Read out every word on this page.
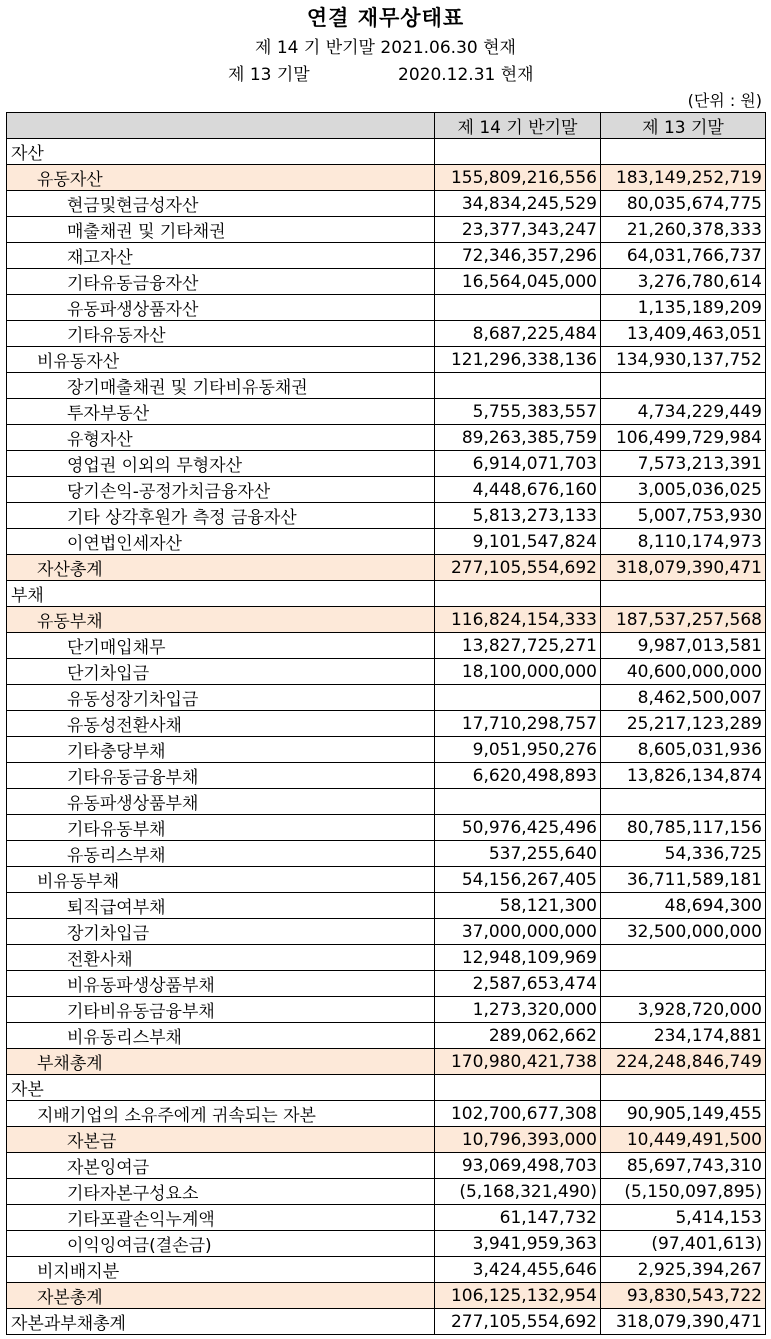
연결 재무상태표
제 14 기 반기말 2021.06.30 현재
제 13 기말	2020.12.31 현재
(단위 : 원)
	제 14 기 반기말	제 13 기말
자산		
유동자산	155,809,216,556	183,149,252,719
현금및현금성자산	34,834,245,529	80,035,674,775
매출채권 및 기타채권	23,377,343,247	21,260,378,333
재고자산	72,346,357,296	64,031,766,737
기타유동금융자산	16,564,045,000	3,276,780,614
유동파생상품자산		1,135,189,209
기타유동자산	8,687,225,484	13,409,463,051
비유동자산	121,296,338,136	134,930,137,752
장기매출채권 및 기타비유동채권		
투자부동산	5,755,383,557	4,734,229,449
유형자산	89,263,385,759	106,499,729,984
영업권 이외의 무형자산	6,914,071,703	7,573,213,391
당기손익-공정가치금융자산	4,448,676,160	3,005,036,025
기타 상각후원가 측정 금융자산	5,813,273,133	5,007,753,930
이연법인세자산	9,101,547,824	8,110,174,973
자산총계	277,105,554,692	318,079,390,471
부채		
유동부채	116,824,154,333	187,537,257,568
단기매입채무	13,827,725,271	9,987,013,581
단기차입금	18,100,000,000	40,600,000,000
유동성장기차입금		8,462,500,007
유동성전환사채	17,710,298,757	25,217,123,289
기타충당부채	9,051,950,276	8,605,031,936
기타유동금융부채	6,620,498,893	13,826,134,874
유동파생상품부채		
기타유동부채	50,976,425,496	80,785,117,156
유동리스부채	537,255,640	54,336,725
비유동부채	54,156,267,405	36,711,589,181
퇴직급여부채	58,121,300	48,694,300
장기차입금	37,000,000,000	32,500,000,000
전환사채	12,948,109,969	
비유동파생상품부채	2,587,653,474	
기타비유동금융부채	1,273,320,000	3,928,720,000
비유동리스부채	289,062,662	234,174,881
부채총계	170,980,421,738	224,248,846,749
자본		
지배기업의 소유주에게 귀속되는 자본	102,700,677,308	90,905,149,455
자본금	10,796,393,000	10,449,491,500
자본잉여금	93,069,498,703	85,697,743,310
기타자본구성요소	(5,168,321,490)	(5,150,097,895)
기타포괄손익누계액	61,147,732	5,414,153
이익잉여금(결손금)	3,941,959,363	(97,401,613)
비지배지분	3,424,455,646	2,925,394,267
자본총계	106,125,132,954	93,830,543,722
자본과부채총계	277,105,554,692	318,079,390,471
